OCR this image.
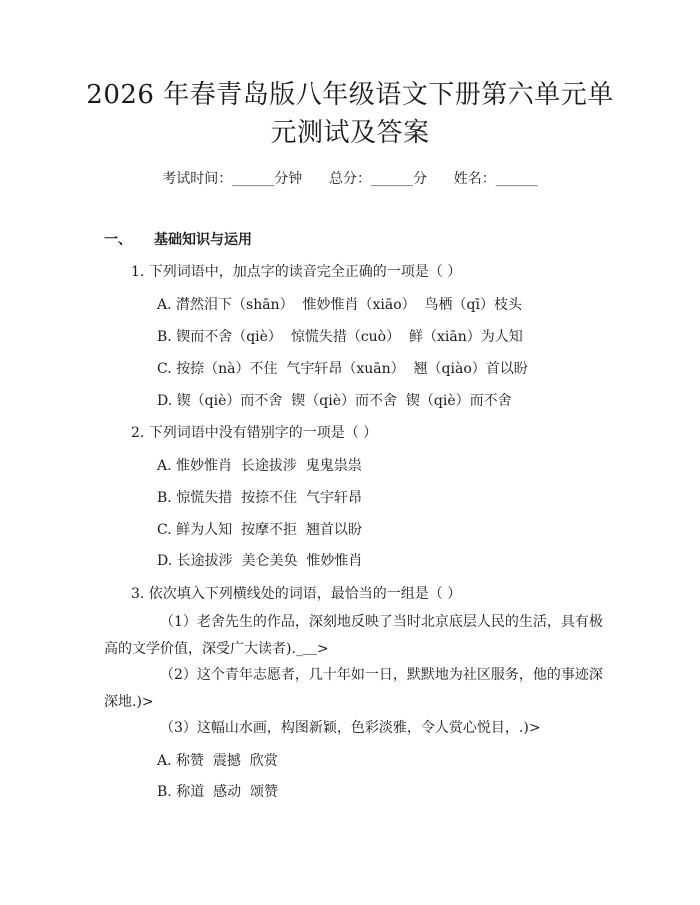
2026 年春青岛版八年级语文下册第六单元单
元测试及答案
考试时间：______分钟 总分：______分 姓名：______
一、 基础知识与运用
1. 下列词语中，加点字的读音完全正确的一项是（ ）
A. 潸然泪下（shān）  惟妙惟肖（xiāo）  鸟栖（qī）枝头
B. 锲而不舍（qiè）  惊慌失措（cuò）  鲜（xiān）为人知
C. 按捺（nà）不住  气宇轩昂（xuān）  翘（qiào）首以盼
D. 锲（qiè）而不舍  锲（qiè）而不舍  锲（qiè）而不舍
2. 下列词语中没有错别字的一项是（ ）
A. 惟妙惟肖  长途拔涉  鬼鬼祟祟
B. 惊慌失措  按捺不住  气宇轩昂
C. 鲜为人知  按摩不拒  翘首以盼
D. 长途拔涉  美仑美奂  惟妙惟肖
3. 依次填入下列横线处的词语，最恰当的一组是（ ）

（1）老舍先生的作品，深刻地反映了当时北京底层人民的生活，具有极高的文学价值，深受广大读者)._＿>

（2）这个青年志愿者，几十年如一日，默默地为社区服务，他的事迹深深地.)>

（3）这幅山水画，构图新颖，色彩淡雅，令人赏心悦目，.)>

A. 称赞  震撼  欣赏
B. 称道  感动  颂赞
